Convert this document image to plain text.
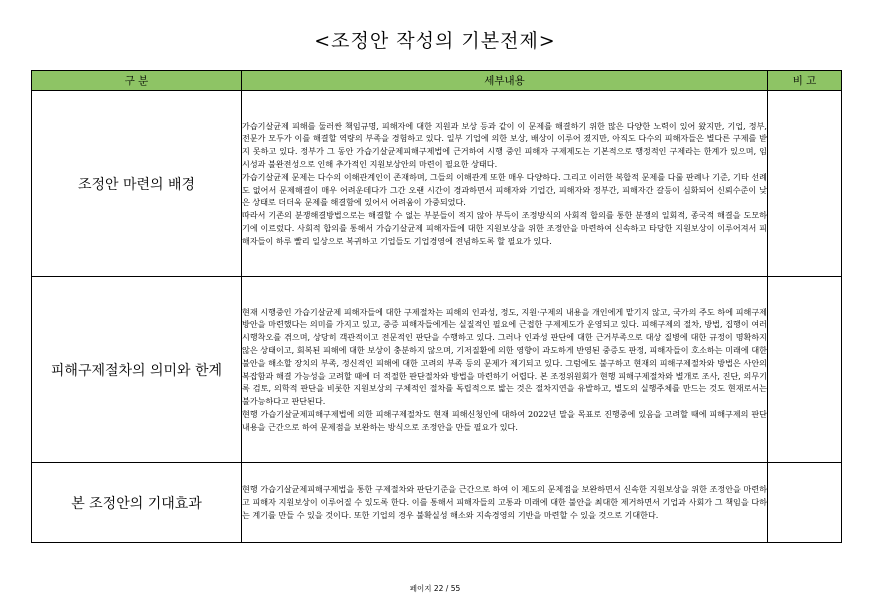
<조정안 작성의 기본전제>
구 분	세부내용	비 고
조정안 마련의 배경	가습기살균제 피해를 둘러싼 책임규명, 피해자에 대한 지원과 보상 등과 같이 이 문제를 해결하기 위한 많은 다양한 노력이 있어 왔지만, 기업, 정부, 전문가 모두가 이를 해결할 역량의 부족을 경험하고 있다. 일부 기업에 의한 보상, 배상이 이루어 졌지만, 아직도 다수의 피해자들은 별다른 구제를 받지 못하고 있다. 정부가 그 동안 가습기살균제피해구제법에 근거하여 시행 중인 피해자 구제제도는 기본적으로 행정적인 구제라는 한계가 있으며, 임시성과 불완전성으로 인해 추가적인 지원보상안의 마련이 필요한 상태다.

가습기살균제 문제는 다수의 이해관계인이 존재하며, 그들의 이해관계 또한 매우 다양하다. 그리고 이러한 복합적 문제를 다룰 판례나 기준, 기타 선례도 없어서 문제해결이 매우 어려운데다가 그간 오랜 시간이 경과하면서 피해자와 기업간, 피해자와 정부간, 피해자간 갈등이 심화되어 신뢰수준이 낮은 상태로 더더욱 문제를 해결함에 있어서 어려움이 가중되었다.

따라서 기존의 분쟁해결방법으로는 해결할 수 없는 부분들이 적지 않아 부득이 조정방식의 사회적 합의를 통한 분쟁의 일회적, 종국적 해결을 도모하기에 이르렀다. 사회적 합의를 통해서 가습기살균제 피해자들에 대한 지원보상을 위한 조정안을 마련하여 신속하고 타당한 지원보상이 이루어져서 피해자들이 하루 빨리 일상으로 복귀하고 기업들도 기업경영에 전념하도록 할 필요가 있다.	

피해구제절차의 의미와 한계	현재 시행중인 가습기살균제 피해자들에 대한 구제절차는 피해의 인과성, 정도, 지원·구제의 내용을 개인에게 맡기지 않고, 국가의 주도 하에 피해구제방안을 마련했다는 의미를 가지고 있고, 중증 피해자들에게는 실질적인 필요에 근접한 구제제도가 운영되고 있다. 피해구제의 절차, 방법, 집행이 여러 시행착오를 겪으며, 상당히 객관적이고 전문적인 판단을 수행하고 있다. 그러나 인과성 판단에 대한 근거부족으로 대상 질병에 대한 규정이 명확하지 않은 상태이고, 회복된 피해에 대한 보상이 충분하지 않으며, 기저질환에 의한 영향이 과도하게 반영된 중증도 판정, 피해자들이 호소하는 미래에 대한 불안을 해소할 장치의 부족, 정신적인 피해에 대한 고려의 부족 등의 문제가 제기되고 있다. 그럼에도 불구하고 현재의 피해구제절차와 방법은 사안의 복잡함과 해결 가능성을 고려할 때에 더 적절한 판단절차와 방법을 마련하기 어렵다. 본 조정위원회가 현행 피해구제절차와 별개로 조사, 진단, 의무기록 검토, 의학적 판단을 비롯한 지원보상의 구체적인 절차를 독립적으로 밟는 것은 절차지연을 유발하고, 별도의 실행주체를 만드는 것도 현재로서는 불가능하다고 판단된다.

현행 가습기살균제피해구제법에 의한 피해구제절차도 현재 피해신청인에 대하여 2022년 말을 목표로 진행중에 있음을 고려할 때에 피해구제의 판단내용을 근간으로 하여 문제점을 보완하는 방식으로 조정안을 만들 필요가 있다.	

본 조정안의 기대효과	현행 가습기살균제피해구제법을 통한 구제절차와 판단기준을 근간으로 하여 이 제도의 문제점을 보완하면서 신속한 지원보상을 위한 조정안을 마련하고 피해자 지원보상이 이루어질 수 있도록 한다. 이를 통해서 피해자들의 고통과 미래에 대한 불안을 최대한 제거하면서 기업과 사회가 그 책임을 다하는 계기를 만들 수 있을 것이다. 또한 기업의 경우 불확실성 해소와 지속경영의 기반을 마련할 수 있을 것으로 기대한다.	

페이지 22 / 55
